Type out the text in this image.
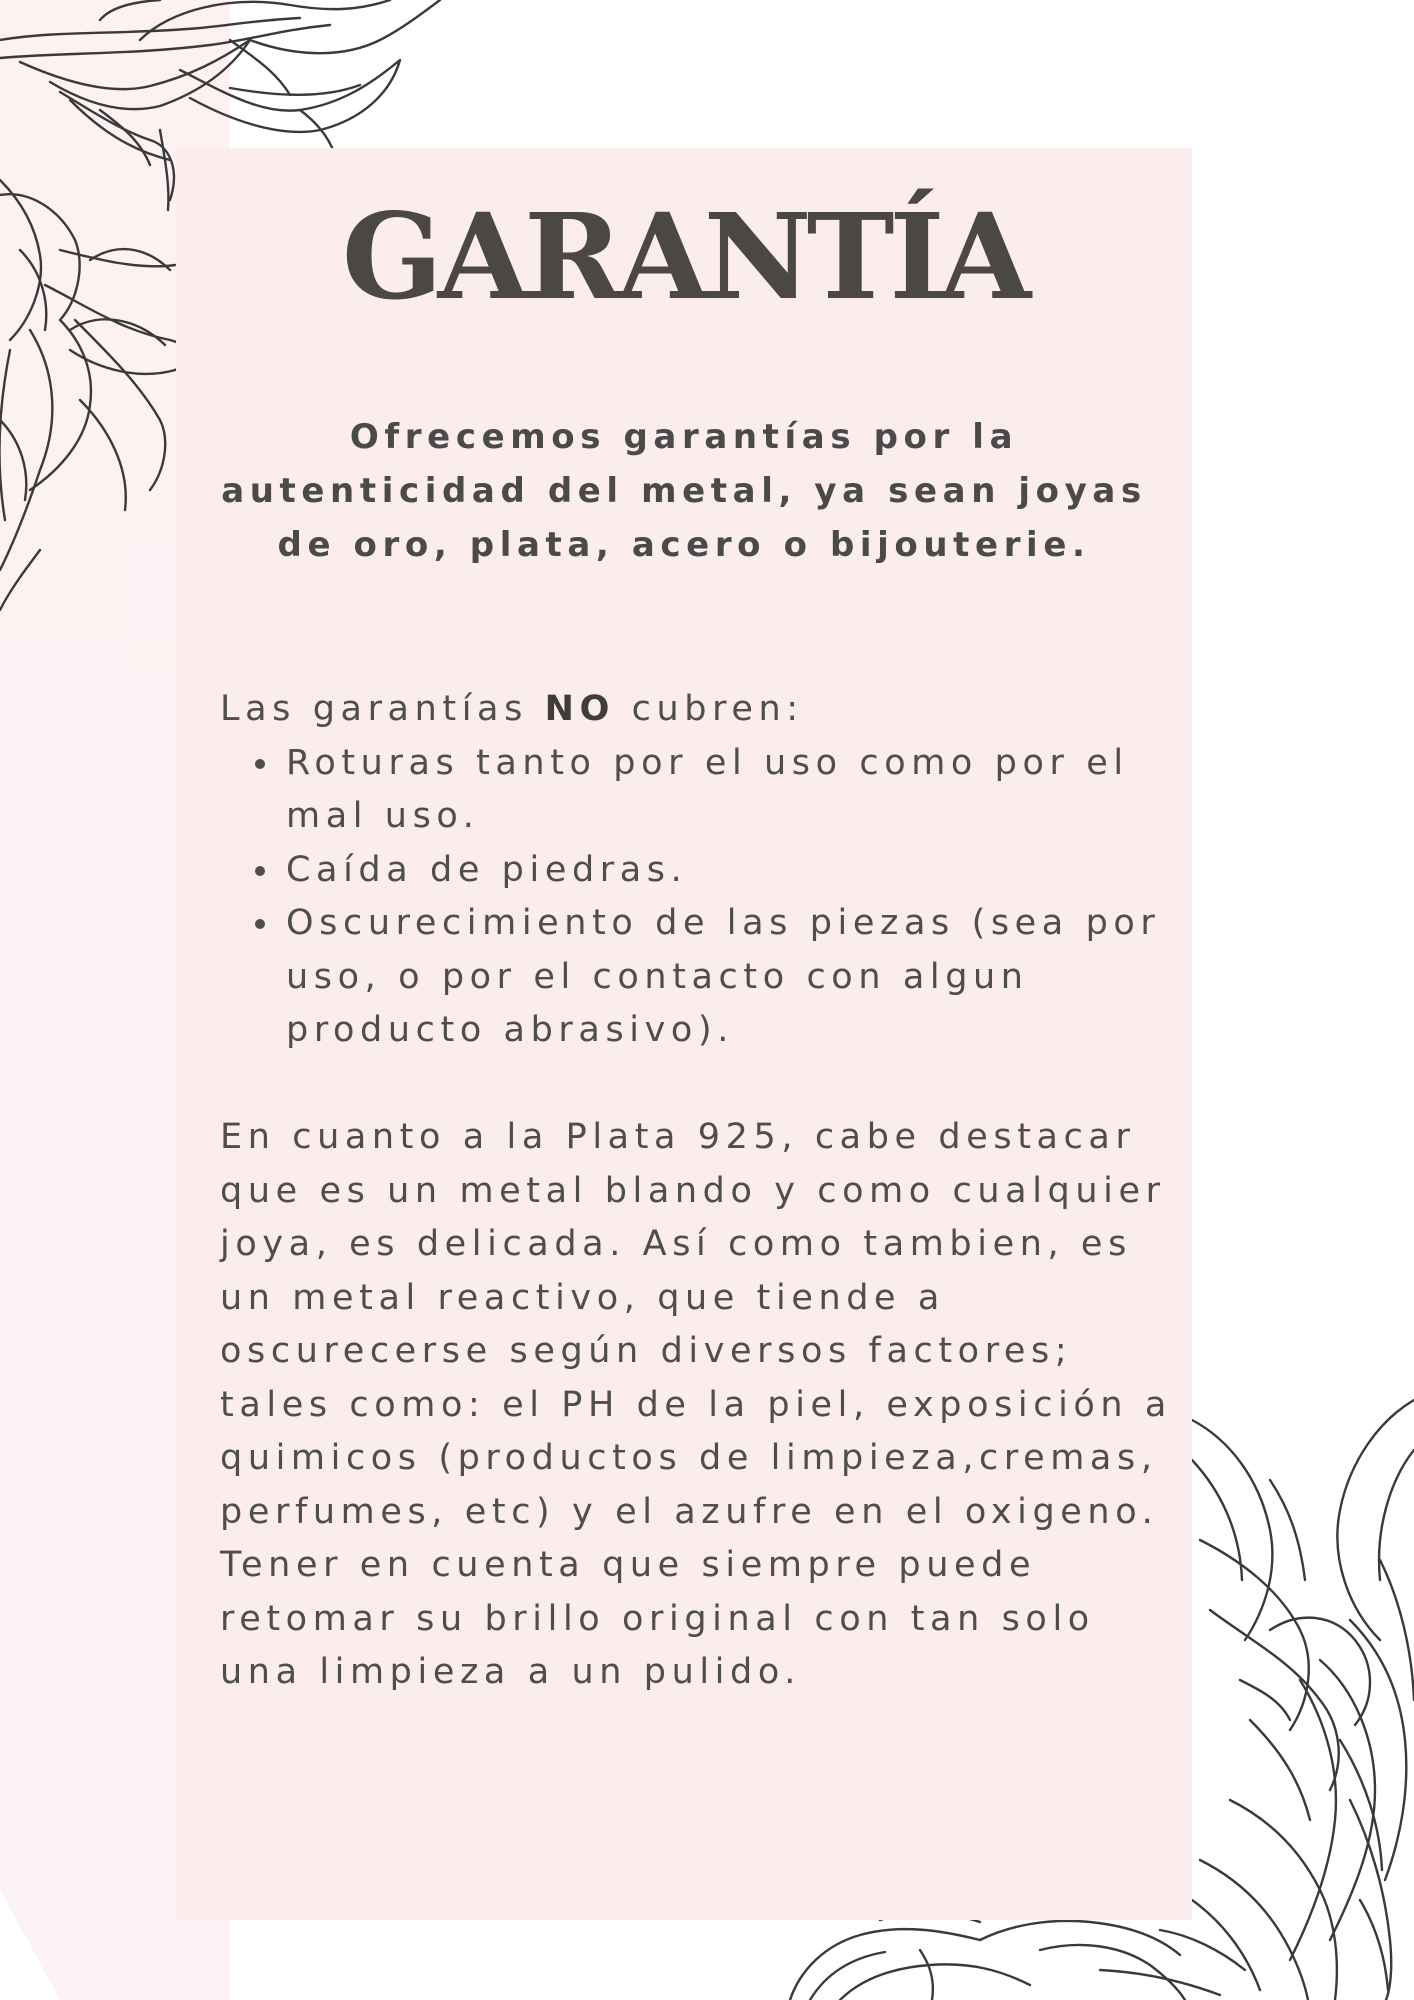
GARANTÍA
Ofrecemos garantías por la autenticidad del metal, ya sean joyas de oro, plata, acero o bijouterie.
Las garantías NO cubren:
Roturas tanto por el uso como por el mal uso.
Caída de piedras.
Oscurecimiento de las piezas (sea por uso, o por el contacto con algun producto abrasivo).

En cuanto a la Plata 925, cabe destacar que es un metal blando y como cualquier joya, es delicada. Así como tambien, es un metal reactivo, que tiende a oscurecerse según diversos factores; tales como: el PH de la piel, exposición a quimicos (productos de limpieza,cremas, perfumes, etc) y el azufre en el oxigeno.

Tener en cuenta que siempre puede retomar su brillo original con tan solo una limpieza a un pulido.
